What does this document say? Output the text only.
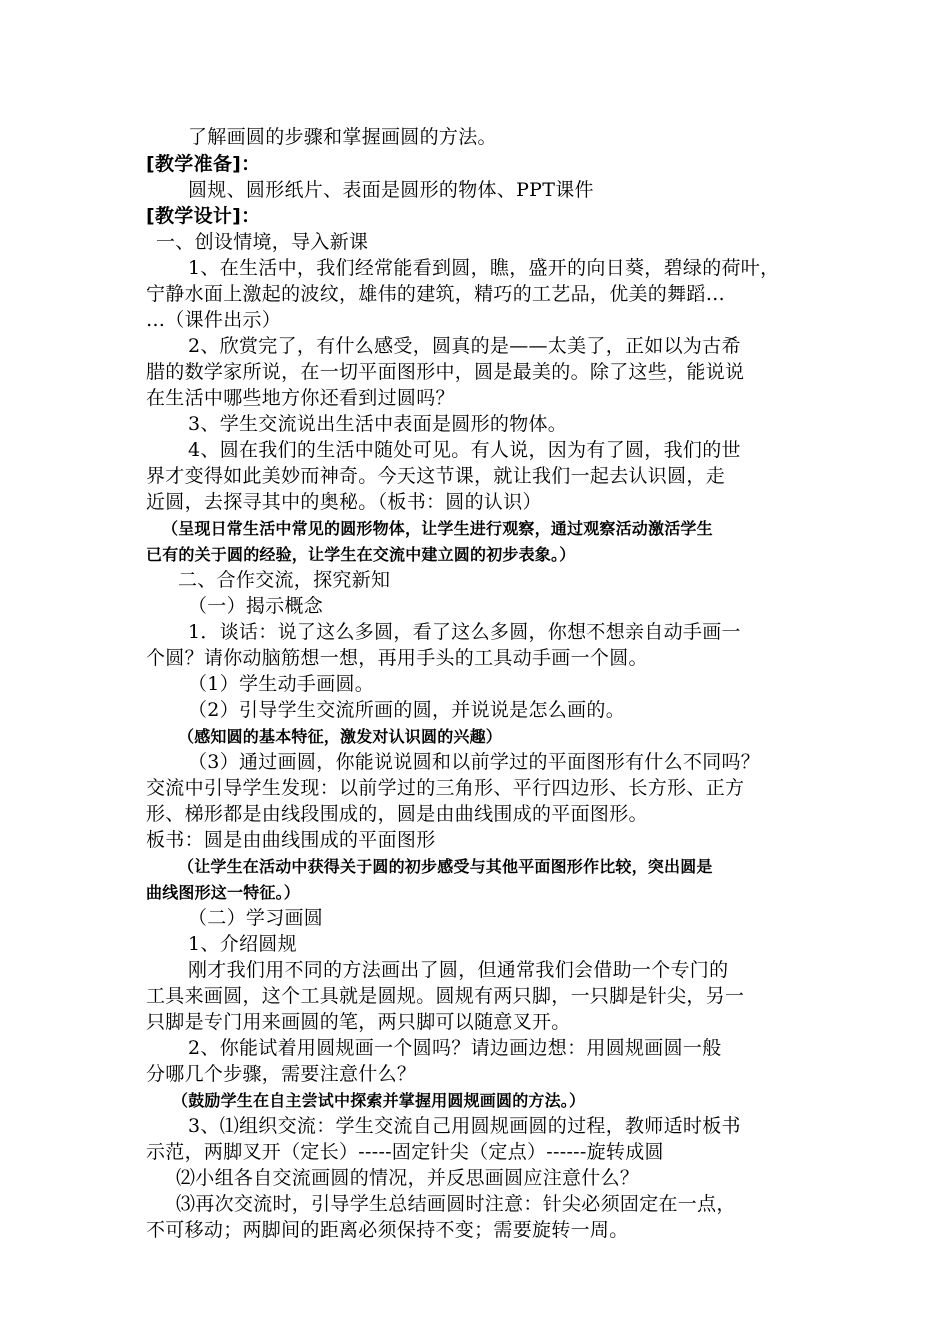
了解画圆的步骤和掌握画圆的方法。
[教学准备]：
圆规、圆形纸片、表面是圆形的物体、PPT课件
[教学设计]：
一、创设情境，导入新课
1、在生活中，我们经常能看到圆，瞧，盛开的向日葵，碧绿的荷叶，
宁静水面上激起的波纹，雄伟的建筑，精巧的工艺品，优美的舞蹈…
…（课件出示）
2、欣赏完了，有什么感受，圆真的是——太美了，正如以为古希
腊的数学家所说，在一切平面图形中，圆是最美的。除了这些，能说说
在生活中哪些地方你还看到过圆吗？
3、学生交流说出生活中表面是圆形的物体。
4、圆在我们的生活中随处可见。有人说，因为有了圆，我们的世
界才变得如此美妙而神奇。今天这节课，就让我们一起去认识圆，走
近圆，去探寻其中的奥秘。（板书：圆的认识）
（呈现日常生活中常见的圆形物体，让学生进行观察，通过观察活动激活学生
已有的关于圆的经验，让学生在交流中建立圆的初步表象。）
二、合作交流，探究新知
（一）揭示概念
1．谈话：说了这么多圆，看了这么多圆，你想不想亲自动手画一
个圆？请你动脑筋想一想，再用手头的工具动手画一个圆。
（1）学生动手画圆。
（2）引导学生交流所画的圆，并说说是怎么画的。
（感知圆的基本特征，激发对认识圆的兴趣）
（3）通过画圆，你能说说圆和以前学过的平面图形有什么不同吗？
交流中引导学生发现：以前学过的三角形、平行四边形、长方形、正方
形、梯形都是由线段围成的，圆是由曲线围成的平面图形。
板书：圆是由曲线围成的平面图形
（让学生在活动中获得关于圆的初步感受与其他平面图形作比较，突出圆是
曲线图形这一特征。）
（二）学习画圆
1、介绍圆规
刚才我们用不同的方法画出了圆，但通常我们会借助一个专门的
工具来画圆，这个工具就是圆规。圆规有两只脚，一只脚是针尖，另一
只脚是专门用来画圆的笔，两只脚可以随意叉开。
2、你能试着用圆规画一个圆吗？请边画边想：用圆规画圆一般
分哪几个步骤，需要注意什么？
（鼓励学生在自主尝试中探索并掌握用圆规画圆的方法。）
3、⑴组织交流：学生交流自己用圆规画圆的过程，教师适时板书
示范，两脚叉开（定长）-----固定针尖（定点）------旋转成圆
⑵小组各自交流画圆的情况，并反思画圆应注意什么？
⑶再次交流时，引导学生总结画圆时注意：针尖必须固定在一点，
不可移动；两脚间的距离必须保持不变；需要旋转一周。
